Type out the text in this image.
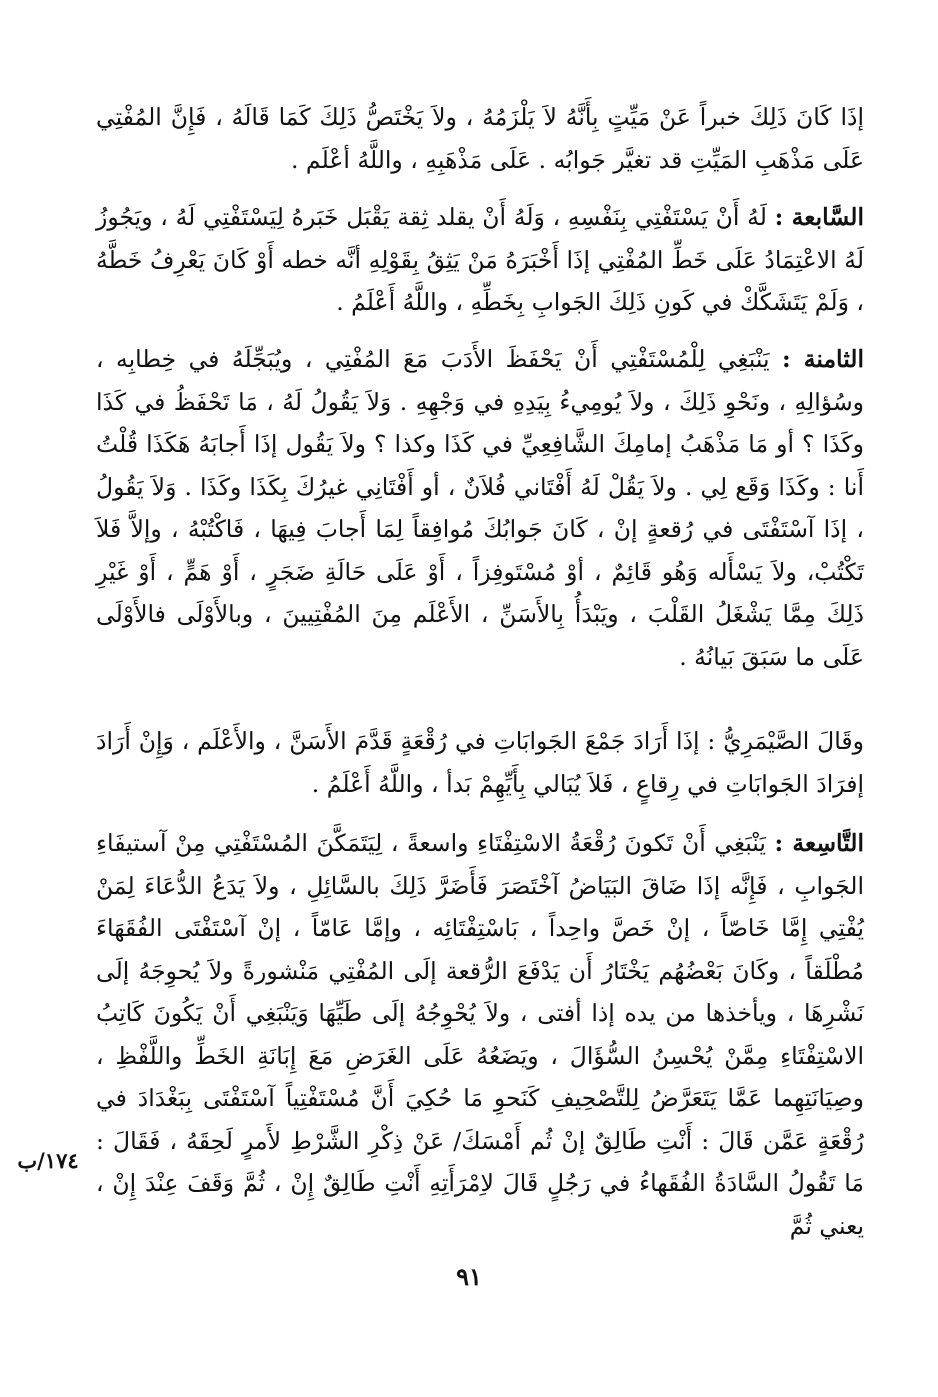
إذَا كَانَ ذَلِكَ خبراً عَنْ مَيِّتٍ بِأَنَّهُ لاَ يَلْزَمُهُ ، ولاَ يَخْتَصُّ ذَلِكَ كَمَا قَالَهُ ، فَإِنَّ المُفْتِي عَلَى مَذْهَبِ المَيِّتِ قد تغيَّر جَوابُه . عَلَى مَذْهَبِهِ ، واللَّهُ أعْلَم .

السَّابعة : لَهُ أَنْ يَسْتَفْتِي بِنَفْسِهِ ، وَلَهُ أَنْ يقلد ثِقة يَقْبَل خَبَرهُ لِيَسْتَفْتِي لَهُ ، ويَجُوزُ لَهُ الاعْتِمَادُ عَلَى خَطِّ المُفْتِي إذَا أَخْبَرَهُ مَنْ يَثِقُ بِقَوْلِهِ أنَّه خطه أَوْ كَانَ يَعْرِفُ خَطَّهُ ، وَلَمْ يَتَشَكَّكْ في كَونِ ذَلِكَ الجَوابِ بِخَطِّهِ ، واللَّهُ أَعْلَمُ .

الثامنة : يَنْبَغِي لِلْمُسْتَفْتِي أَنْ يَحْفَظَ الأَدَبَ مَعَ المُفْتِي ، ويُبَجِّلَهُ في خِطابِه ، وسُؤالِهِ ، ونَحْوِ ذَلِكَ ، ولاَ يُومِيءُ بِيَدِهِ في وَجْهِهِ . وَلاَ يَقُولُ لَهُ ، مَا تَحْفَظُ في كَذَا وكَذَا ؟ أو مَا مَذْهَبُ إمامِكَ الشَّافِعِيِّ في كَذَا وكذا ؟ ولاَ يَقُول إذَا أَجابَهُ هَكَذَا قُلْتُ أَنا : وكَذَا وَقَع لِي . ولاَ يَقُلْ لَهُ أَفْتَاني فُلاَنٌ ، أو أَفْتَانِي غيرُكَ بِكَذَا وكَذَا . وَلاَ يَقُولُ ، إذَا آسْتَفْتَى في رُقعةٍ إنْ ، كَانَ جَوابُكَ مُوافِقاً لِمَا أَجابَ فِيهَا ، فَاكْتُبْهُ ، وإلاَّ فَلاَ تَكْتُبْ، ولاَ يَسْأَله وَهُو قَائِمٌ ، أوْ مُسْتَوفِزاً ، أَوْ عَلَى حَالَةِ ضَجَرٍ ، أَوْ هَمٍّ ، أَوْ غَيْرِ ذَلِكَ مِمَّا يَشْغَلُ القَلْبَ ، ويَبْدَأُ بِالأَسَنِّ ، الأَعْلَم مِنَ المُفْتِيينَ ، وبالأَوْلَى فالأَوْلَى عَلَى ما سَبَقَ بَيانُهُ .

وقَالَ الصَّيْمَرِيُّ : إذَا أَرَادَ جَمْعَ الجَوابَاتِ في رُقْعَةٍ قَدَّمَ الأَسَنَّ ، والأَعْلَم ، وَإِنْ أَرَادَ إفرَادَ الجَوابَاتِ في رِقاعٍ ، فَلاَ يُبَالي بِأَيِّهِمْ بَدأ ، واللَّهُ أَعْلَمُ .

التَّاسِعة : يَنْبَغِي أَنْ تَكونَ رُقْعَةُ الاسْتِفْتَاءِ واسعةً ، لِيَتَمَكَّنَ المُسْتَفْتِي مِنْ آستيفَاءِ الجَوابِ ، فَإِنَّه إذَا ضَاقَ البَيَاضُ آخْتَصَرَ فَأَضَرَّ ذَلِكَ بالسَّائِلِ ، ولاَ يَدَعُ الدُّعَاءَ لِمَنْ يُفْتِي إِمَّا خَاصّاً ، إنْ خَصَّ واحِداً ، بَاسْتِفْتَائِه ، وإمَّا عَامّاً ، إنْ آسْتَفْتَى الفُقَهَاءَ مُطْلَقاً ، وكَانَ بَعْضُهُم يَخْتَارُ أَن يَدْفَعَ الرُّقعة إلَى المُفْتِي مَنْشورةً ولاَ يُحوِجَهُ إلَى نَشْرِهَا ، ويأخذها من يده إذا أفتى ، ولاَ يُحْوِجُهُ إلَى طَيِّهَا وَيَنْبَغِي أَنْ يَكُونَ كَاتِبُ الاسْتِفْتَاءِ مِمَّنْ يُحْسِنُ السُّؤَالَ ، ويَضَعُهُ عَلَى الغَرَضِ مَعَ إِبَانَةِ الخَطِّ واللَّفْظِ ، وصِيَانَتِهِما عَمَّا يَتَعَرَّضُ لِلتَّصْحِيفِ كَنَحوِ مَا حُكِيَ أَنَّ مُسْتَفْتِياً آسْتَفْتَى بِبَغْدَادَ في رُقْعَةٍ عَمَّن قَالَ : أَنْتِ طَالِقٌ إنْ ثُم أَمْسَكَ/ عَنْ ذِكْرِ الشَّرْطِ لأَمرٍ لَحِقَهُ ، فَقَالَ : مَا تَقُولُ السَّادَةُ الفُقَهاءُ في رَجُلٍ قَالَ لاِمْرَأَتِهِ أَنْتِ طَالِقٌ إِنْ ، ثُمَّ وَقَفَ عِنْدَ إِنْ ، يعني ثُمَّ

١٧٤/ب
٩١
